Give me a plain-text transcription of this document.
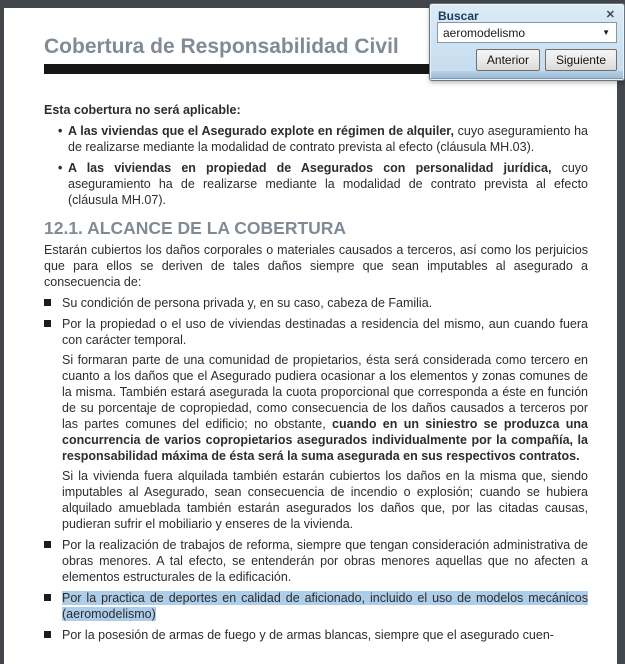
Cobertura de Responsabilidad Civil
Esta cobertura no será aplicable:
• A las viviendas que el Asegurado explote en régimen de alquiler, cuyo aseguramiento ha de realizarse mediante la modalidad de contrato prevista al efecto (cláusula MH.03).
• A las viviendas en propiedad de Asegurados con personalidad jurídica, cuyo aseguramiento ha de realizarse mediante la modalidad de contrato prevista al efecto (cláusula MH.07).
12.1. ALCANCE DE LA COBERTURA
Estarán cubiertos los daños corporales o materiales causados a terceros, así como los perjuicios que para ellos se deriven de tales daños siempre que sean imputables al asegurado a consecuencia de:
Su condición de persona privada y, en su caso, cabeza de Familia.
Por la propiedad o el uso de viviendas destinadas a residencia del mismo, aun cuando fuera con carácter temporal.
Si formaran parte de una comunidad de propietarios, ésta será considerada como tercero en cuanto a los daños que el Asegurado pudiera ocasionar a los elementos y zonas comunes de la misma. También estará asegurada la cuota proporcional que corresponda a éste en función de su porcentaje de copropiedad, como consecuencia de los daños causados a terceros por las partes comunes del edificio; no obstante, cuando en un siniestro se produzca una concurrencia de varios copropietarios asegurados individualmente por la compañía, la responsabilidad máxima de ésta será la suma asegurada en sus respectivos contratos.
Si la vivienda fuera alquilada también estarán cubiertos los daños en la misma que, siendo imputables al Asegurado, sean consecuencia de incendio o explosión; cuando se hubiera alquilado amueblada también estarán asegurados los daños que, por las citadas causas, pudieran sufrir el mobiliario y enseres de la vivienda.
Por la realización de trabajos de reforma, siempre que tengan consideración administrativa de obras menores. A tal efecto, se entenderán por obras menores aquellas que no afecten a elementos estructurales de la edificación.
Por la practica de deportes en calidad de aficionado, incluido el uso de modelos mecánicos (aeromodelismo)
Por la posesión de armas de fuego y de armas blancas, siempre que el asegurado cuen-
Buscar	✕
aeromodelismo
▼
Anterior	Siguiente
